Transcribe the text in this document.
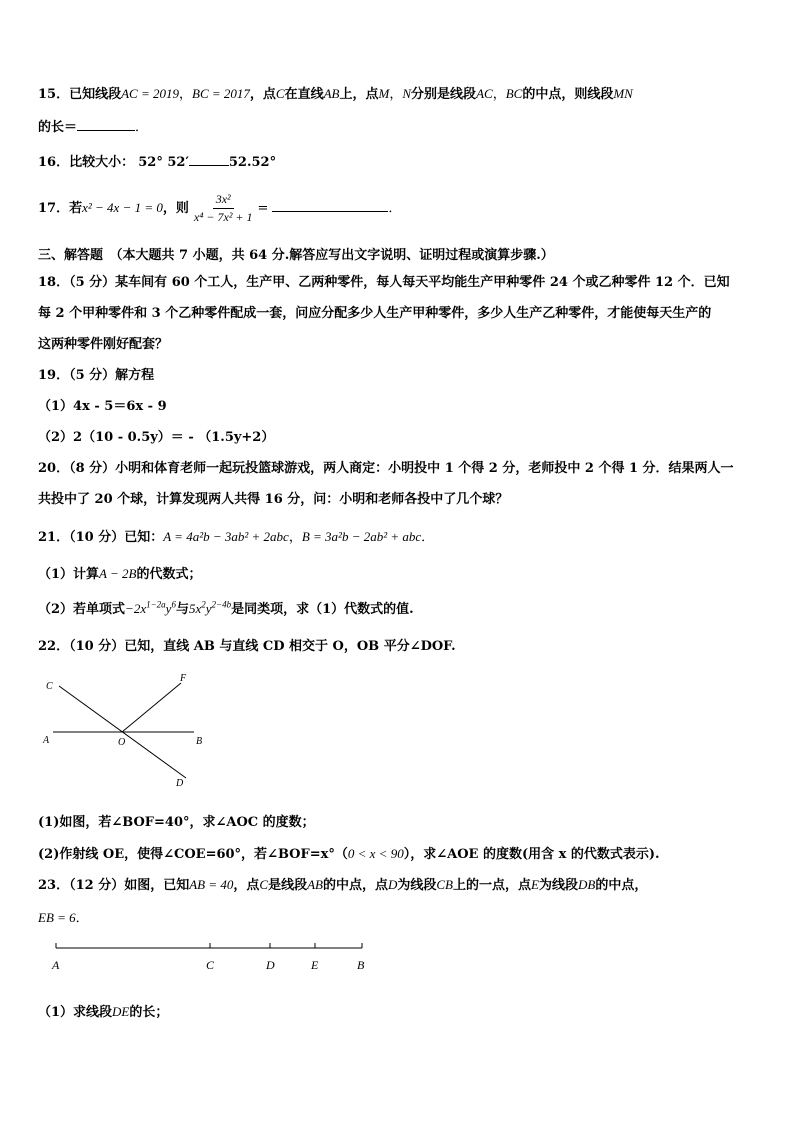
15．已知线段AC = 2019，BC = 2017，点C在直线AB上，点M，N分别是线段AC，BC的中点，则线段MN
的长＝	．
16．比较大小： 52° 52′	52.52°
17．若x² − 4x − 1 = 0，则 $\frac{\text{3x²}}{\text{x⁴ − 7x² + 1}}$ =	．
三、解答题　（本大题共 7 小题，共 64 分.解答应写出文字说明、证明过程或演算步骤.）
18．（5 分）某车间有 60 个工人，生产甲、乙两种零件，每人每天平均能生产甲种零件 24 个或乙种零件 12 个．已知
每 2 个甲种零件和 3 个乙种零件配成一套，问应分配多少人生产甲种零件，多少人生产乙种零件，才能使每天生产的
这两种零件刚好配套？
19．（5 分）解方程
（1）4x - 5＝6x - 9
（2）2（10 - 0.5y）＝ - （1.5y+2）
20．（8 分）小明和体育老师一起玩投篮球游戏，两人商定：小明投中 1 个得 2 分，老师投中 2 个得 1 分．结果两人一
共投中了 20 个球，计算发现两人共得 16 分，问：小明和老师各投中了几个球？
21．（10 分）已知：A = 4a²b − 3ab² + 2abc，B = 3a²b − 2ab² + abc．
（1）计算A − 2B的代数式；
（2）若单项式$-2x^{1-2a}y^6$与$5x^2y^{2-4b}$是同类项，求（1）代数式的值.
22．（10 分）已知，直线 AB 与直线 CD 相交于 O，OB 平分∠DOF.
C
F
A	O	B
D
(1)如图，若∠BOF=40°，求∠AOC 的度数；
(2)作射线 OE，使得∠COE=60°，若∠BOF=x°（0 < x < 90），求∠AOE 的度数(用含 x 的代数式表示).
23．（12 分）如图，已知AB = 40，点C是线段AB的中点，点D为线段CB上的一点，点E为线段DB的中点，
EB = 6．
A	C	D	E	B
（1）求线段DE的长；
